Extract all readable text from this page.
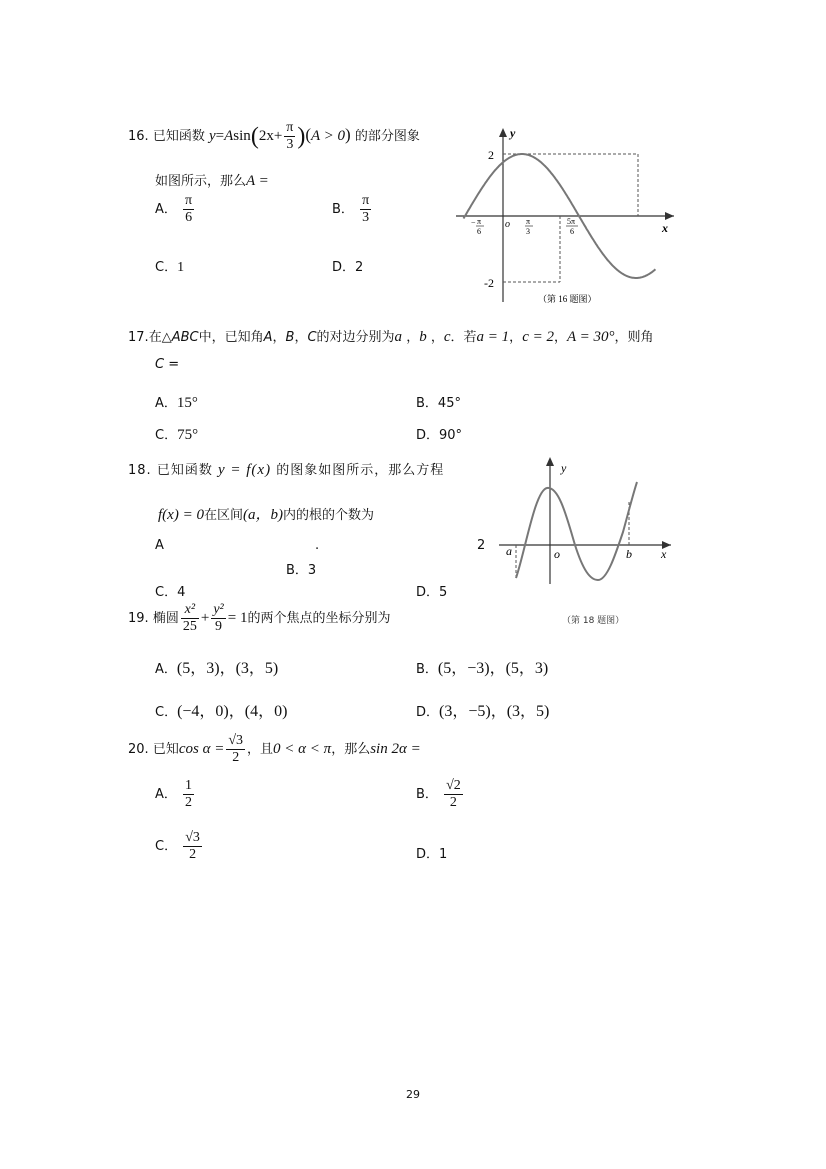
16. 已知函数 $y=Asin(2x+ \frac{\pi}{3} )(A > 0)$ 的部分图象
如图所示，那么A =
A． $\frac{\pi}{6}$	B． $\frac{\pi}{3}$
C．1	D．2
y
x
o
2
-2
− π
6
π
3
5π
6
（第 16 题图）
17.在△ABC中，已知角A，B，C的对边分别为a ，b ，c．若a = 1，c = 2，A = 30°，则角
C =
A．15°	B．45°
C．75°	D．90°
18. 已知函数 y = f(x) 的图象如图所示，那么方程
f(x) = 0在区间(a，b)内的根的个数为
A	.
B．3
C．4	D．5
2
y
x
o
a	b
（第 18 题图）
19. 椭圆 $\frac{\text{x²}}{25} + \frac{\text{y²}}{9} = 1$的两个焦点的坐标分别为
A．(5，3)，(3，5)	B．(5，−3)，(5，3)
C．(−4，0)，(4，0)	D．(3，−5)，(3，5)
20. 已知$\cos \alpha = \frac{√3}{2}$ ，且0 < α < π，那么sin 2α =
A． $\frac{1}{2}$	B． $\frac{√2}{2}$
C． $\frac{√3}{2}$	D．1
29
